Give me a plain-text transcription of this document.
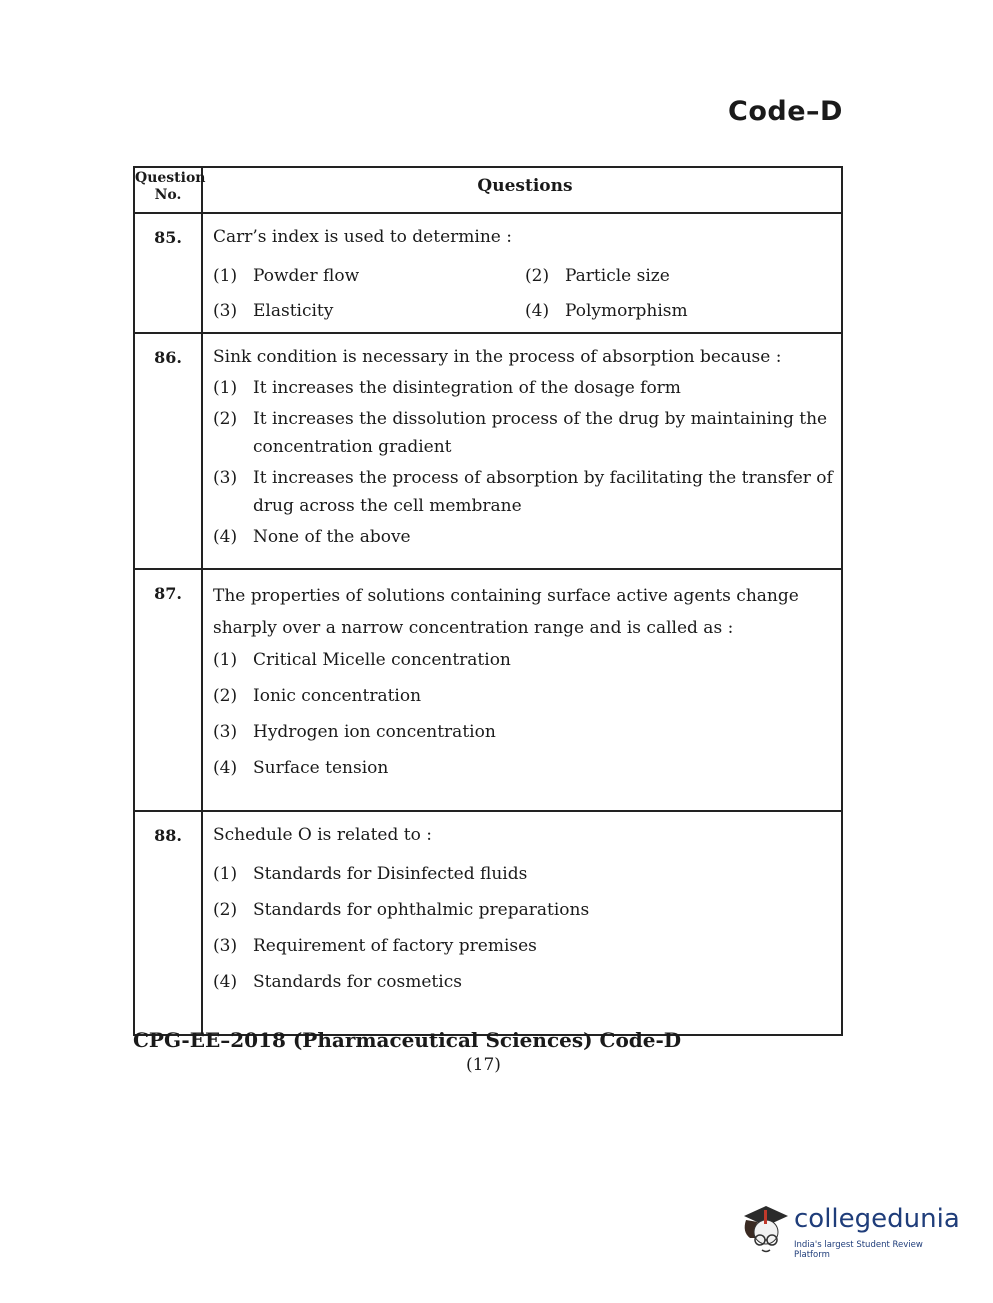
Code–D
Question
No.	Questions
85.	Carr’s index is used to determine :
(1) Powder flow	(2) Particle size
(3) Elasticity	(4) Polymorphism
86.	Sink condition is necessary in the process of absorption because :
(1) It increases the disintegration of the dosage form
(2) It increases the dissolution process of the drug by maintaining the concentration gradient
(3) It increases the process of absorption by facilitating the transfer of drug across the cell membrane
(4) None of the above
87.	The properties of solutions containing surface active agents change sharply over a narrow concentration range and is called as :
(1) Critical Micelle concentration
(2) Ionic concentration
(3) Hydrogen ion concentration
(4) Surface tension
88.	Schedule O is related to :
(1) Standards for Disinfected fluids
(2) Standards for ophthalmic preparations
(3) Requirement of factory premises
(4) Standards for cosmetics
CPG-EE–2018 (Pharmaceutical Sciences) Code-D
(17)
collegedunia
India's largest Student Review Platform
